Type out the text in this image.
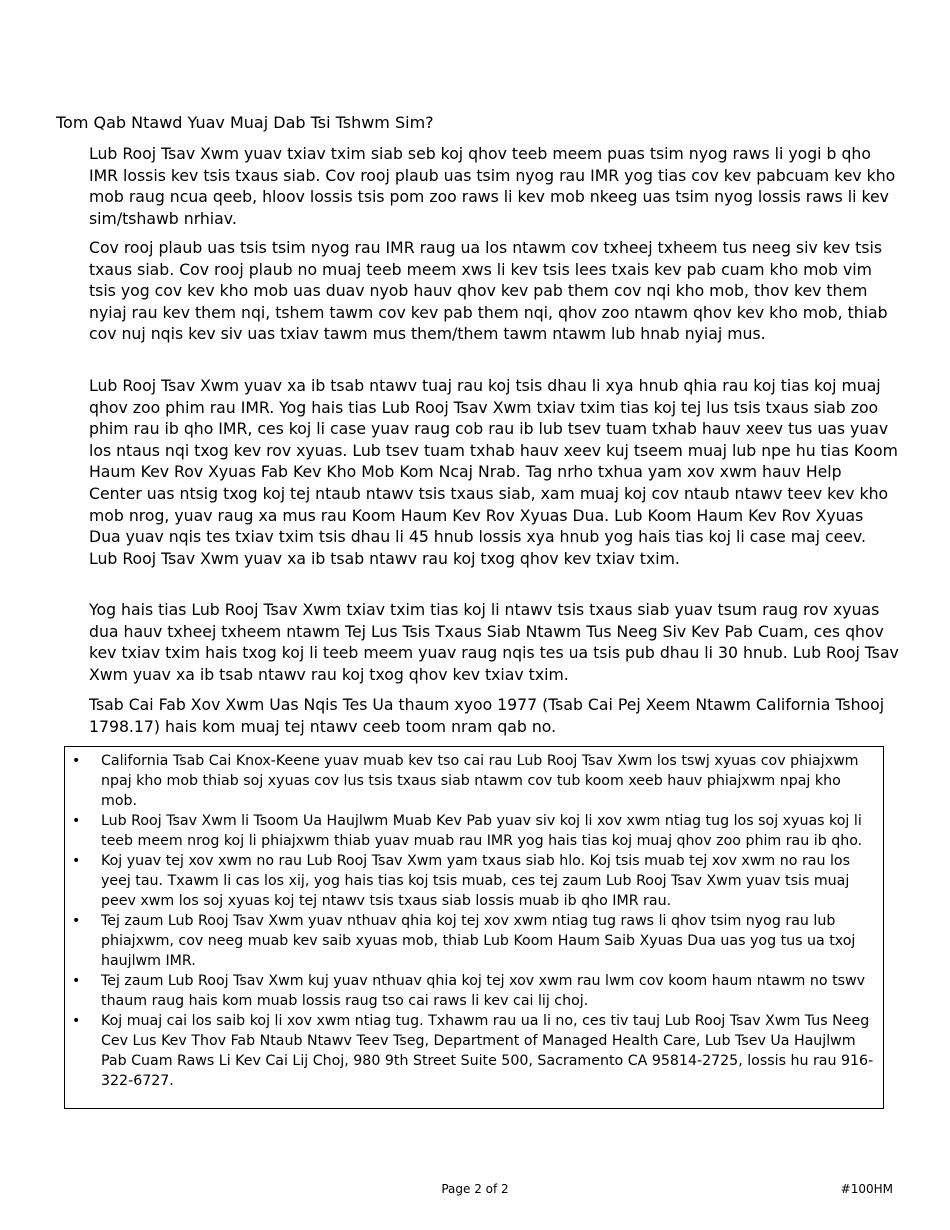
Tom Qab Ntawd Yuav Muaj Dab Tsi Tshwm Sim?

Lub Rooj Tsav Xwm yuav txiav txim siab seb koj qhov teeb meem puas tsim nyog raws li yogi b qho IMR lossis kev tsis txaus siab. Cov rooj plaub uas tsim nyog rau IMR yog tias cov kev pabcuam kev kho mob raug ncua qeeb, hloov lossis tsis pom zoo raws li kev mob nkeeg uas tsim nyog lossis raws li kev sim/tshawb nrhiav.

Cov rooj plaub uas tsis tsim nyog rau IMR raug ua los ntawm cov txheej txheem tus neeg siv kev tsis txaus siab. Cov rooj plaub no muaj teeb meem xws li kev tsis lees txais kev pab cuam kho mob vim tsis yog cov kev kho mob uas duav nyob hauv qhov kev pab them cov nqi kho mob, thov kev them nyiaj rau kev them nqi, tshem tawm cov kev pab them nqi, qhov zoo ntawm qhov kev kho mob, thiab cov nuj nqis kev siv uas txiav tawm mus them/them tawm ntawm lub hnab nyiaj mus.

Lub Rooj Tsav Xwm yuav xa ib tsab ntawv tuaj rau koj tsis dhau li xya hnub qhia rau koj tias koj muaj qhov zoo phim rau IMR. Yog hais tias Lub Rooj Tsav Xwm txiav txim tias koj tej lus tsis txaus siab zoo phim rau ib qho IMR, ces koj li case yuav raug cob rau ib lub tsev tuam txhab hauv xeev tus uas yuav los ntaus nqi txog kev rov xyuas. Lub tsev tuam txhab hauv xeev kuj tseem muaj lub npe hu tias Koom Haum Kev Rov Xyuas Fab Kev Kho Mob Kom Ncaj Nrab. Tag nrho txhua yam xov xwm hauv Help Center uas ntsig txog koj tej ntaub ntawv tsis txaus siab, xam muaj koj cov ntaub ntawv teev kev kho mob nrog, yuav raug xa mus rau Koom Haum Kev Rov Xyuas Dua. Lub Koom Haum Kev Rov Xyuas Dua yuav nqis tes txiav txim tsis dhau li 45 hnub lossis xya hnub yog hais tias koj li case maj ceev. Lub Rooj Tsav Xwm yuav xa ib tsab ntawv rau koj txog qhov kev txiav txim.

Yog hais tias Lub Rooj Tsav Xwm txiav txim tias koj li ntawv tsis txaus siab yuav tsum raug rov xyuas dua hauv txheej txheem ntawm Tej Lus Tsis Txaus Siab Ntawm Tus Neeg Siv Kev Pab Cuam, ces qhov kev txiav txim hais txog koj li teeb meem yuav raug nqis tes ua tsis pub dhau li 30 hnub. Lub Rooj Tsav Xwm yuav xa ib tsab ntawv rau koj txog qhov kev txiav txim.

Tsab Cai Fab Xov Xwm Uas Nqis Tes Ua thaum xyoo 1977 (Tsab Cai Pej Xeem Ntawm California Tshooj 1798.17) hais kom muaj tej ntawv ceeb toom nram qab no.

• California Tsab Cai Knox-Keene yuav muab kev tso cai rau Lub Rooj Tsav Xwm los tswj xyuas cov phiajxwm npaj kho mob thiab soj xyuas cov lus tsis txaus siab ntawm cov tub koom xeeb hauv phiajxwm npaj kho mob.
• Lub Rooj Tsav Xwm li Tsoom Ua Haujlwm Muab Kev Pab yuav siv koj li xov xwm ntiag tug los soj xyuas koj li teeb meem nrog koj li phiajxwm thiab yuav muab rau IMR yog hais tias koj muaj qhov zoo phim rau ib qho.
• Koj yuav tej xov xwm no rau Lub Rooj Tsav Xwm yam txaus siab hlo. Koj tsis muab tej xov xwm no rau los yeej tau. Txawm li cas los xij, yog hais tias koj tsis muab, ces tej zaum Lub Rooj Tsav Xwm yuav tsis muaj peev xwm los soj xyuas koj tej ntawv tsis txaus siab lossis muab ib qho IMR rau.
• Tej zaum Lub Rooj Tsav Xwm yuav nthuav qhia koj tej xov xwm ntiag tug raws li qhov tsim nyog rau lub phiajxwm, cov neeg muab kev saib xyuas mob, thiab Lub Koom Haum Saib Xyuas Dua uas yog tus ua txoj haujlwm IMR.
• Tej zaum Lub Rooj Tsav Xwm kuj yuav nthuav qhia koj tej xov xwm rau lwm cov koom haum ntawm no tswv thaum raug hais kom muab lossis raug tso cai raws li kev cai lij choj.
• Koj muaj cai los saib koj li xov xwm ntiag tug. Txhawm rau ua li no, ces tiv tauj Lub Rooj Tsav Xwm Tus Neeg Cev Lus Kev Thov Fab Ntaub Ntawv Teev Tseg, Department of Managed Health Care, Lub Tsev Ua Haujlwm Pab Cuam Raws Li Kev Cai Lij Choj, 980 9th Street Suite 500, Sacramento CA 95814-2725, lossis hu rau 916-322-6727.
Page 2 of 2	#100HM
